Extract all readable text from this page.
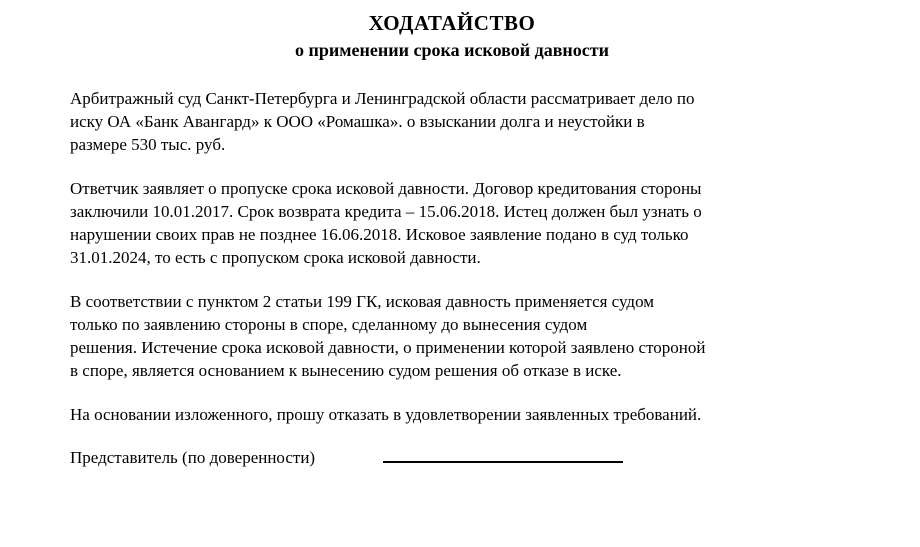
ХОДАТАЙСТВО
о применении срока исковой давности
Арбитражный суд Санкт-Петербурга и Ленинградской области рассматривает дело по
иску ОА «Банк Авангард» к ООО «Ромашка». о взыскании долга и неустойки в
размере 530 тыс. руб.
Ответчик заявляет о пропуске срока исковой давности. Договор кредитования стороны
заключили 10.01.2017. Срок возврата кредита – 15.06.2018. Истец должен был узнать о
нарушении своих прав не позднее 16.06.2018. Исковое заявление подано в суд только
31.01.2024, то есть с пропуском срока исковой давности.
В соответствии с пунктом 2 статьи 199 ГК, исковая давность применяется судом
только по заявлению стороны в споре, сделанному до вынесения судом
решения. Истечение срока исковой давности, о применении которой заявлено стороной
в споре, является основанием к вынесению судом решения об отказе в иске.
На основании изложенного, прошу отказать в удовлетворении заявленных требований.
Представитель (по доверенности)
